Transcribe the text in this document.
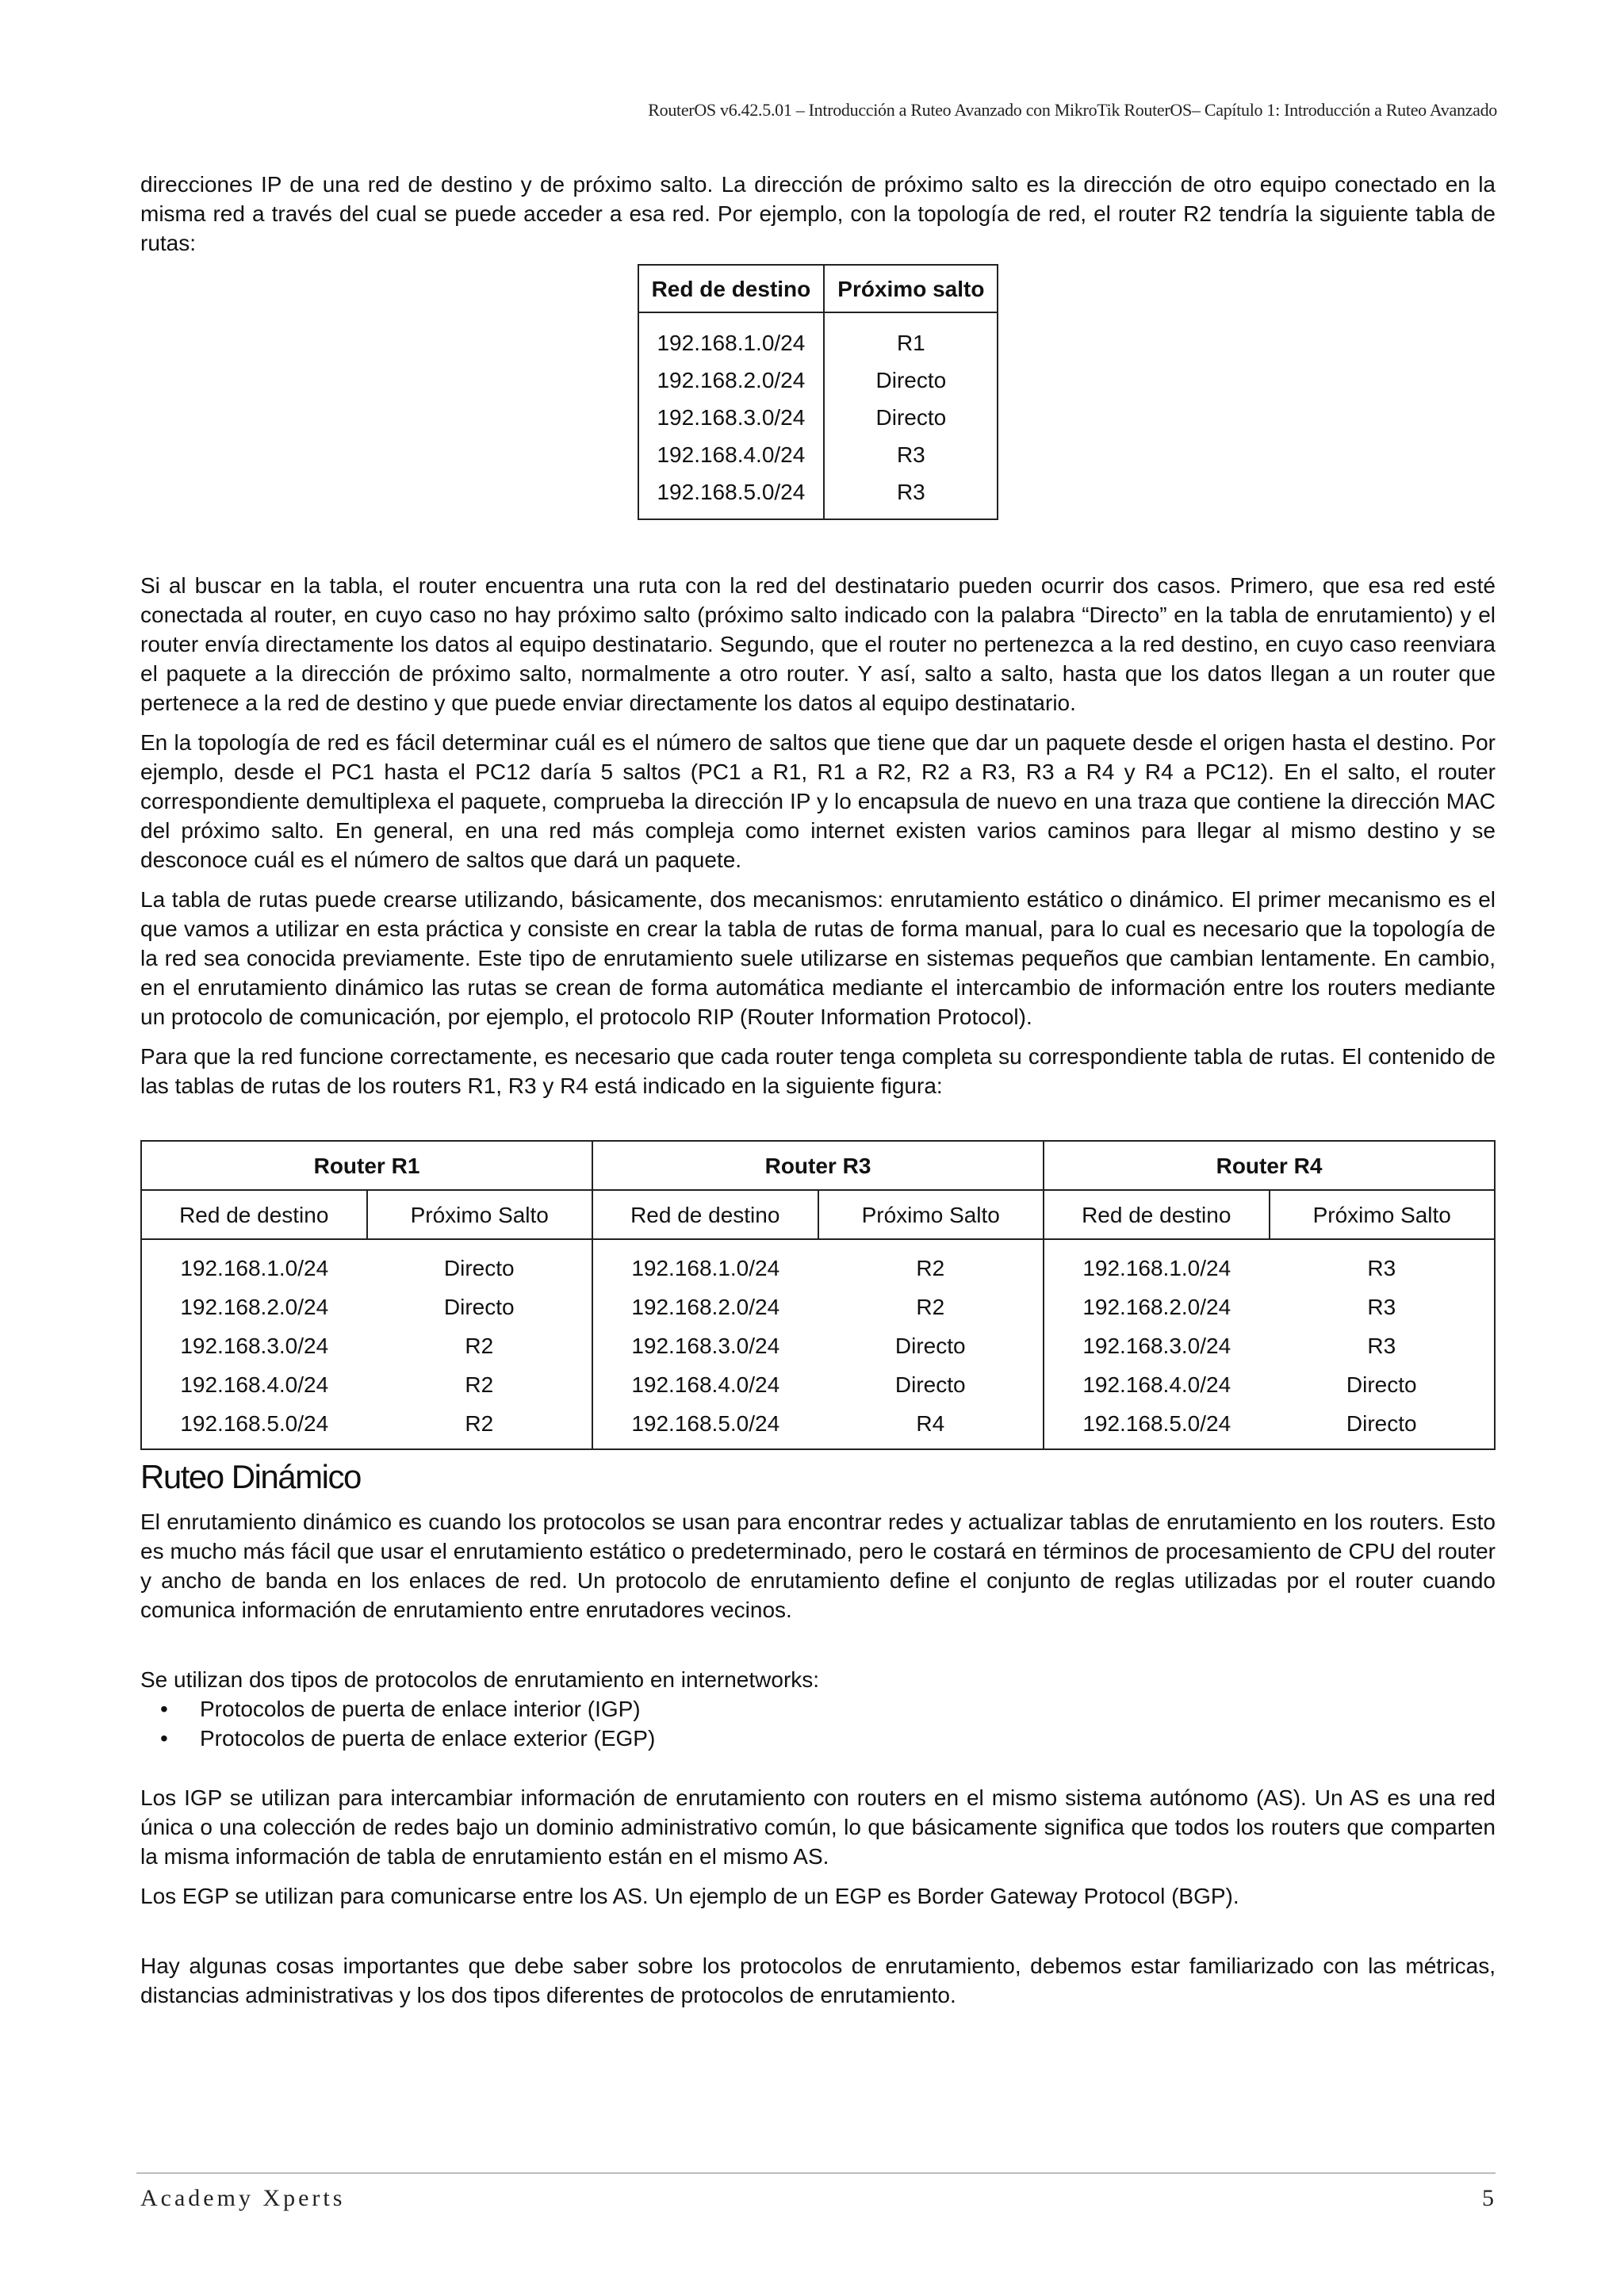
RouterOS v6.42.5.01 – Introducción a Ruteo Avanzado con MikroTik RouterOS– Capítulo 1: Introducción a Ruteo Avanzado

direcciones IP de una red de destino y de próximo salto. La dirección de próximo salto es la dirección de otro equipo conectado en la misma red a través del cual se puede acceder a esa red. Por ejemplo, con la topología de red, el router R2 tendría la siguiente tabla de rutas:

Red de destino	Próximo salto
192.168.1.0/24	R1
192.168.2.0/24	Directo
192.168.3.0/24	Directo
192.168.4.0/24	R3
192.168.5.0/24	R3

Si al buscar en la tabla, el router encuentra una ruta con la red del destinatario pueden ocurrir dos casos. Primero, que esa red esté conectada al router, en cuyo caso no hay próximo salto (próximo salto indicado con la palabra “Directo” en la tabla de enrutamiento) y el router envía directamente los datos al equipo destinatario. Segundo, que el router no pertenezca a la red destino, en cuyo caso reenviara el paquete a la dirección de próximo salto, normalmente a otro router. Y así, salto a salto, hasta que los datos llegan a un router que pertenece a la red de destino y que puede enviar directamente los datos al equipo destinatario.

En la topología de red es fácil determinar cuál es el número de saltos que tiene que dar un paquete desde el origen hasta el destino. Por ejemplo, desde el PC1 hasta el PC12 daría 5 saltos (PC1 a R1, R1 a R2, R2 a R3, R3 a R4 y R4 a PC12). En el salto, el router correspondiente demultiplexa el paquete, comprueba la dirección IP y lo encapsula de nuevo en una traza que contiene la dirección MAC del próximo salto. En general, en una red más compleja como internet existen varios caminos para llegar al mismo destino y se desconoce cuál es el número de saltos que dará un paquete.

La tabla de rutas puede crearse utilizando, básicamente, dos mecanismos: enrutamiento estático o dinámico. El primer mecanismo es el que vamos a utilizar en esta práctica y consiste en crear la tabla de rutas de forma manual, para lo cual es necesario que la topología de la red sea conocida previamente. Este tipo de enrutamiento suele utilizarse en sistemas pequeños que cambian lentamente. En cambio, en el enrutamiento dinámico las rutas se crean de forma automática mediante el intercambio de información entre los routers mediante un protocolo de comunicación, por ejemplo, el protocolo RIP (Router Information Protocol).

Para que la red funcione correctamente, es necesario que cada router tenga completa su correspondiente tabla de rutas. El contenido de las tablas de rutas de los routers R1, R3 y R4 está indicado en la siguiente figura:

Router R1		Router R3		Router R4	
Red de destino	Próximo Salto	Red de destino	Próximo Salto	Red de destino	Próximo Salto
192.168.1.0/24	Directo	192.168.1.0/24	R2	192.168.1.0/24	R3
192.168.2.0/24	Directo	192.168.2.0/24	R2	192.168.2.0/24	R3
192.168.3.0/24	R2	192.168.3.0/24	Directo	192.168.3.0/24	R3
192.168.4.0/24	R2	192.168.4.0/24	Directo	192.168.4.0/24	Directo
192.168.5.0/24	R2	192.168.5.0/24	R4	192.168.5.0/24	Directo
Ruteo Dinámico

El enrutamiento dinámico es cuando los protocolos se usan para encontrar redes y actualizar tablas de enrutamiento en los routers. Esto es mucho más fácil que usar el enrutamiento estático o predeterminado, pero le costará en términos de procesamiento de CPU del router y ancho de banda en los enlaces de red. Un protocolo de enrutamiento define el conjunto de reglas utilizadas por el router cuando comunica información de enrutamiento entre enrutadores vecinos.

Se utilizan dos tipos de protocolos de enrutamiento en internetworks:

• Protocolos de puerta de enlace interior (IGP)
• Protocolos de puerta de enlace exterior (EGP)

Los IGP se utilizan para intercambiar información de enrutamiento con routers en el mismo sistema autónomo (AS). Un AS es una red única o una colección de redes bajo un dominio administrativo común, lo que básicamente significa que todos los routers que comparten la misma información de tabla de enrutamiento están en el mismo AS.

Los EGP se utilizan para comunicarse entre los AS. Un ejemplo de un EGP es Border Gateway Protocol (BGP).

Hay algunas cosas importantes que debe saber sobre los protocolos de enrutamiento, debemos estar familiarizado con las métricas, distancias administrativas y los dos tipos diferentes de protocolos de enrutamiento.

Academy Xperts	5
